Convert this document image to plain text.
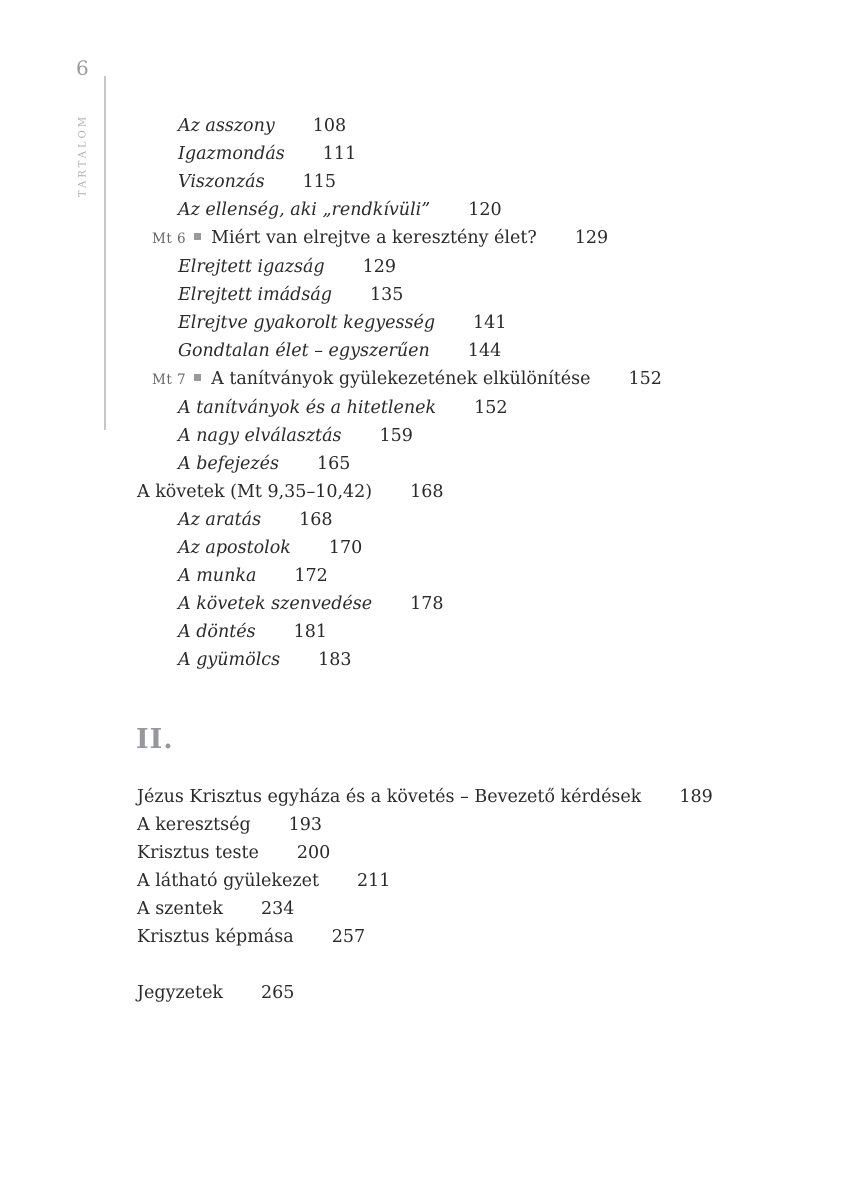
6
TARTALOM	Az asszony 108
Igazmondás 111
Viszonzás 115
Az ellenség, aki „rendkívüli” 120
Mt 6 Miért van elrejtve a keresztény élet? 129
Elrejtett igazság 129
Elrejtett imádság 135
Elrejtve gyakorolt kegyesség 141
Gondtalan élet – egyszerűen 144
Mt 7 A tanítványok gyülekezetének elkülönítése 152
A tanítványok és a hitetlenek 152
A nagy elválasztás 159
A befejezés 165
A követek (Mt 9,35–10,42) 168
Az aratás 168
Az apostolok 170
A munka 172
A követek szenvedése 178
A döntés 181
A gyümölcs 183
II.
Jézus Krisztus egyháza és a követés – Bevezető kérdések 189
A keresztség 193
Krisztus teste 200
A látható gyülekezet 211
A szentek 234
Krisztus képmása 257
Jegyzetek 265
